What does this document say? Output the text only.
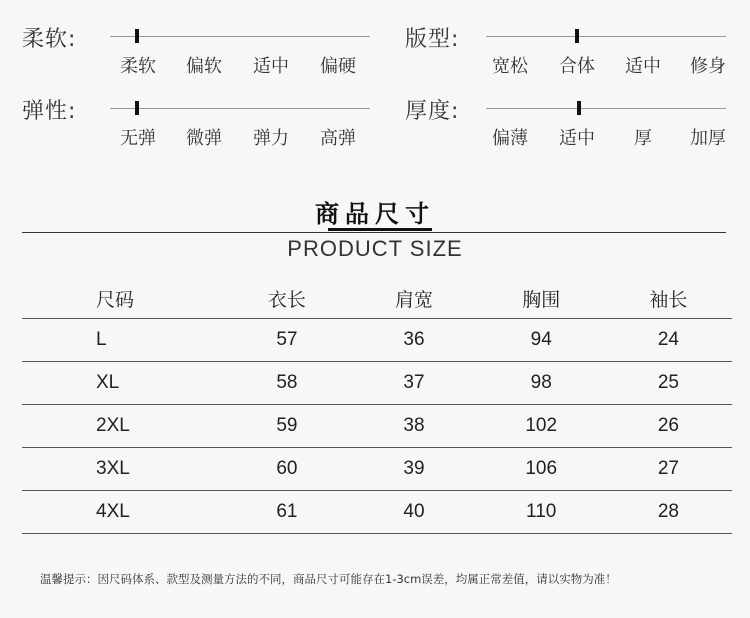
柔软:
柔软	偏软	适中	偏硬
版型:
宽松	合体	适中	修身
弹性:
无弹	微弹	弹力	高弹
厚度:
偏薄	适中	厚	加厚
商品尺寸
PRODUCT SIZE
尺码	衣长	肩宽	胸围	袖长
L	57	36	94	24
XL	58	37	98	25
2XL	59	38	102	26
3XL	60	39	106	27
4XL	61	40	110	28
温馨提示：因尺码体系、款型及测量方法的不同，商品尺寸可能存在1-3cm误差，均属正常差值，请以实物为准！
